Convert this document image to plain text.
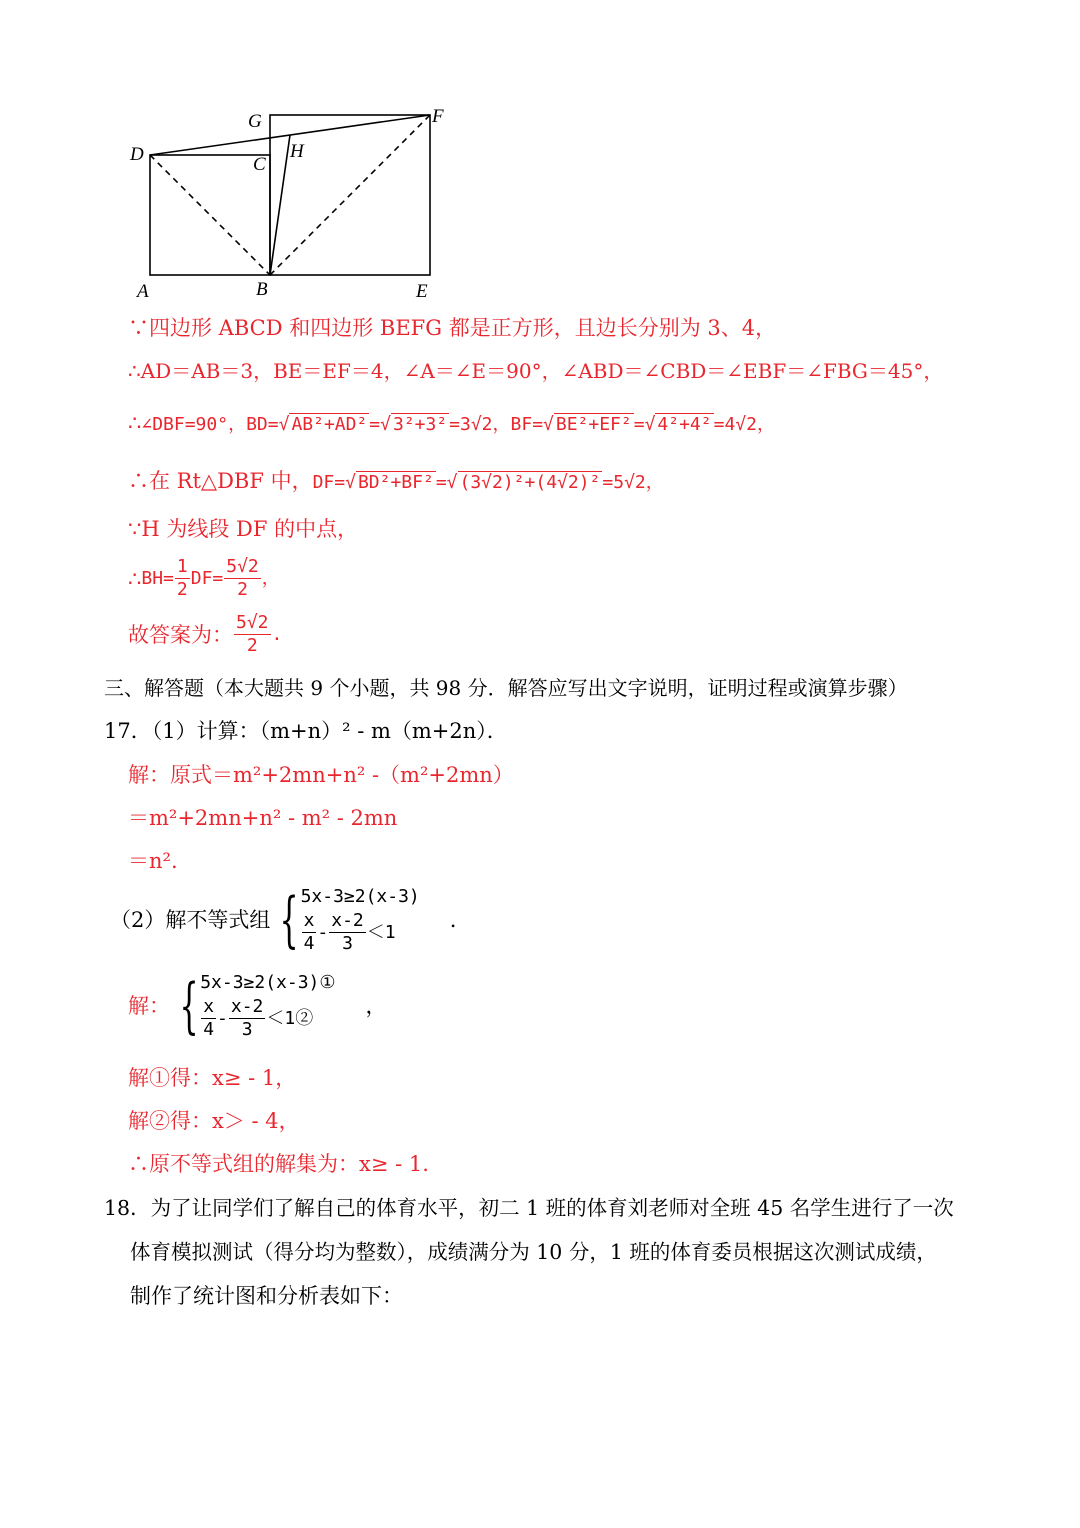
D	C
G	F
H
A	B	E
∵四边形 ABCD 和四边形 BEFG 都是正方形，且边长分别为 3、4，
∴AD＝AB＝3，BE＝EF＝4，∠A＝∠E＝90°，∠ABD＝∠CBD＝∠EBF＝∠FBG＝45°，
∴∠DBF=90°，BD=√ AB²+AD² =√ 3²+3² =3√2，BF=√ BE²+EF² =√ 4²+4² =4√2，
∴在 Rt△DBF 中，DF=√ BD²+BF² =√ (3√2)²+(4√2)² =5√2，
∵H 为线段 DF 的中点，
∴ $BH= \frac{1}{2} DF= \frac{5√2}{2}$ ，
故答案为： $\frac{5√2}{2}$ .
三、解答题（本大题共 9 个小题，共 98 分．解答应写出文字说明，证明过程或演算步骤）
17．（1）计算：（m+n）² - m（m+2n）．
解：原式＝m²+2mn+n² -（m²+2mn）
＝m²+2mn+n² - m² - 2mn
＝n².
（2）解不等式组 { 5x-3≥2(x-3)
$\frac{x}{4} - \frac{x-2}{3} <1$
.
解： { 5x-3≥2(x-3)①
$\frac{x}{4} - \frac{x-2}{3}$ ＜1②
，
解①得：x≥ - 1，
解②得：x＞ - 4，
∴原不等式组的解集为：x≥ - 1.
18．为了让同学们了解自己的体育水平，初二 1 班的体育刘老师对全班 45 名学生进行了一次
体育模拟测试（得分均为整数），成绩满分为 10 分，1 班的体育委员根据这次测试成绩，
制作了统计图和分析表如下：
